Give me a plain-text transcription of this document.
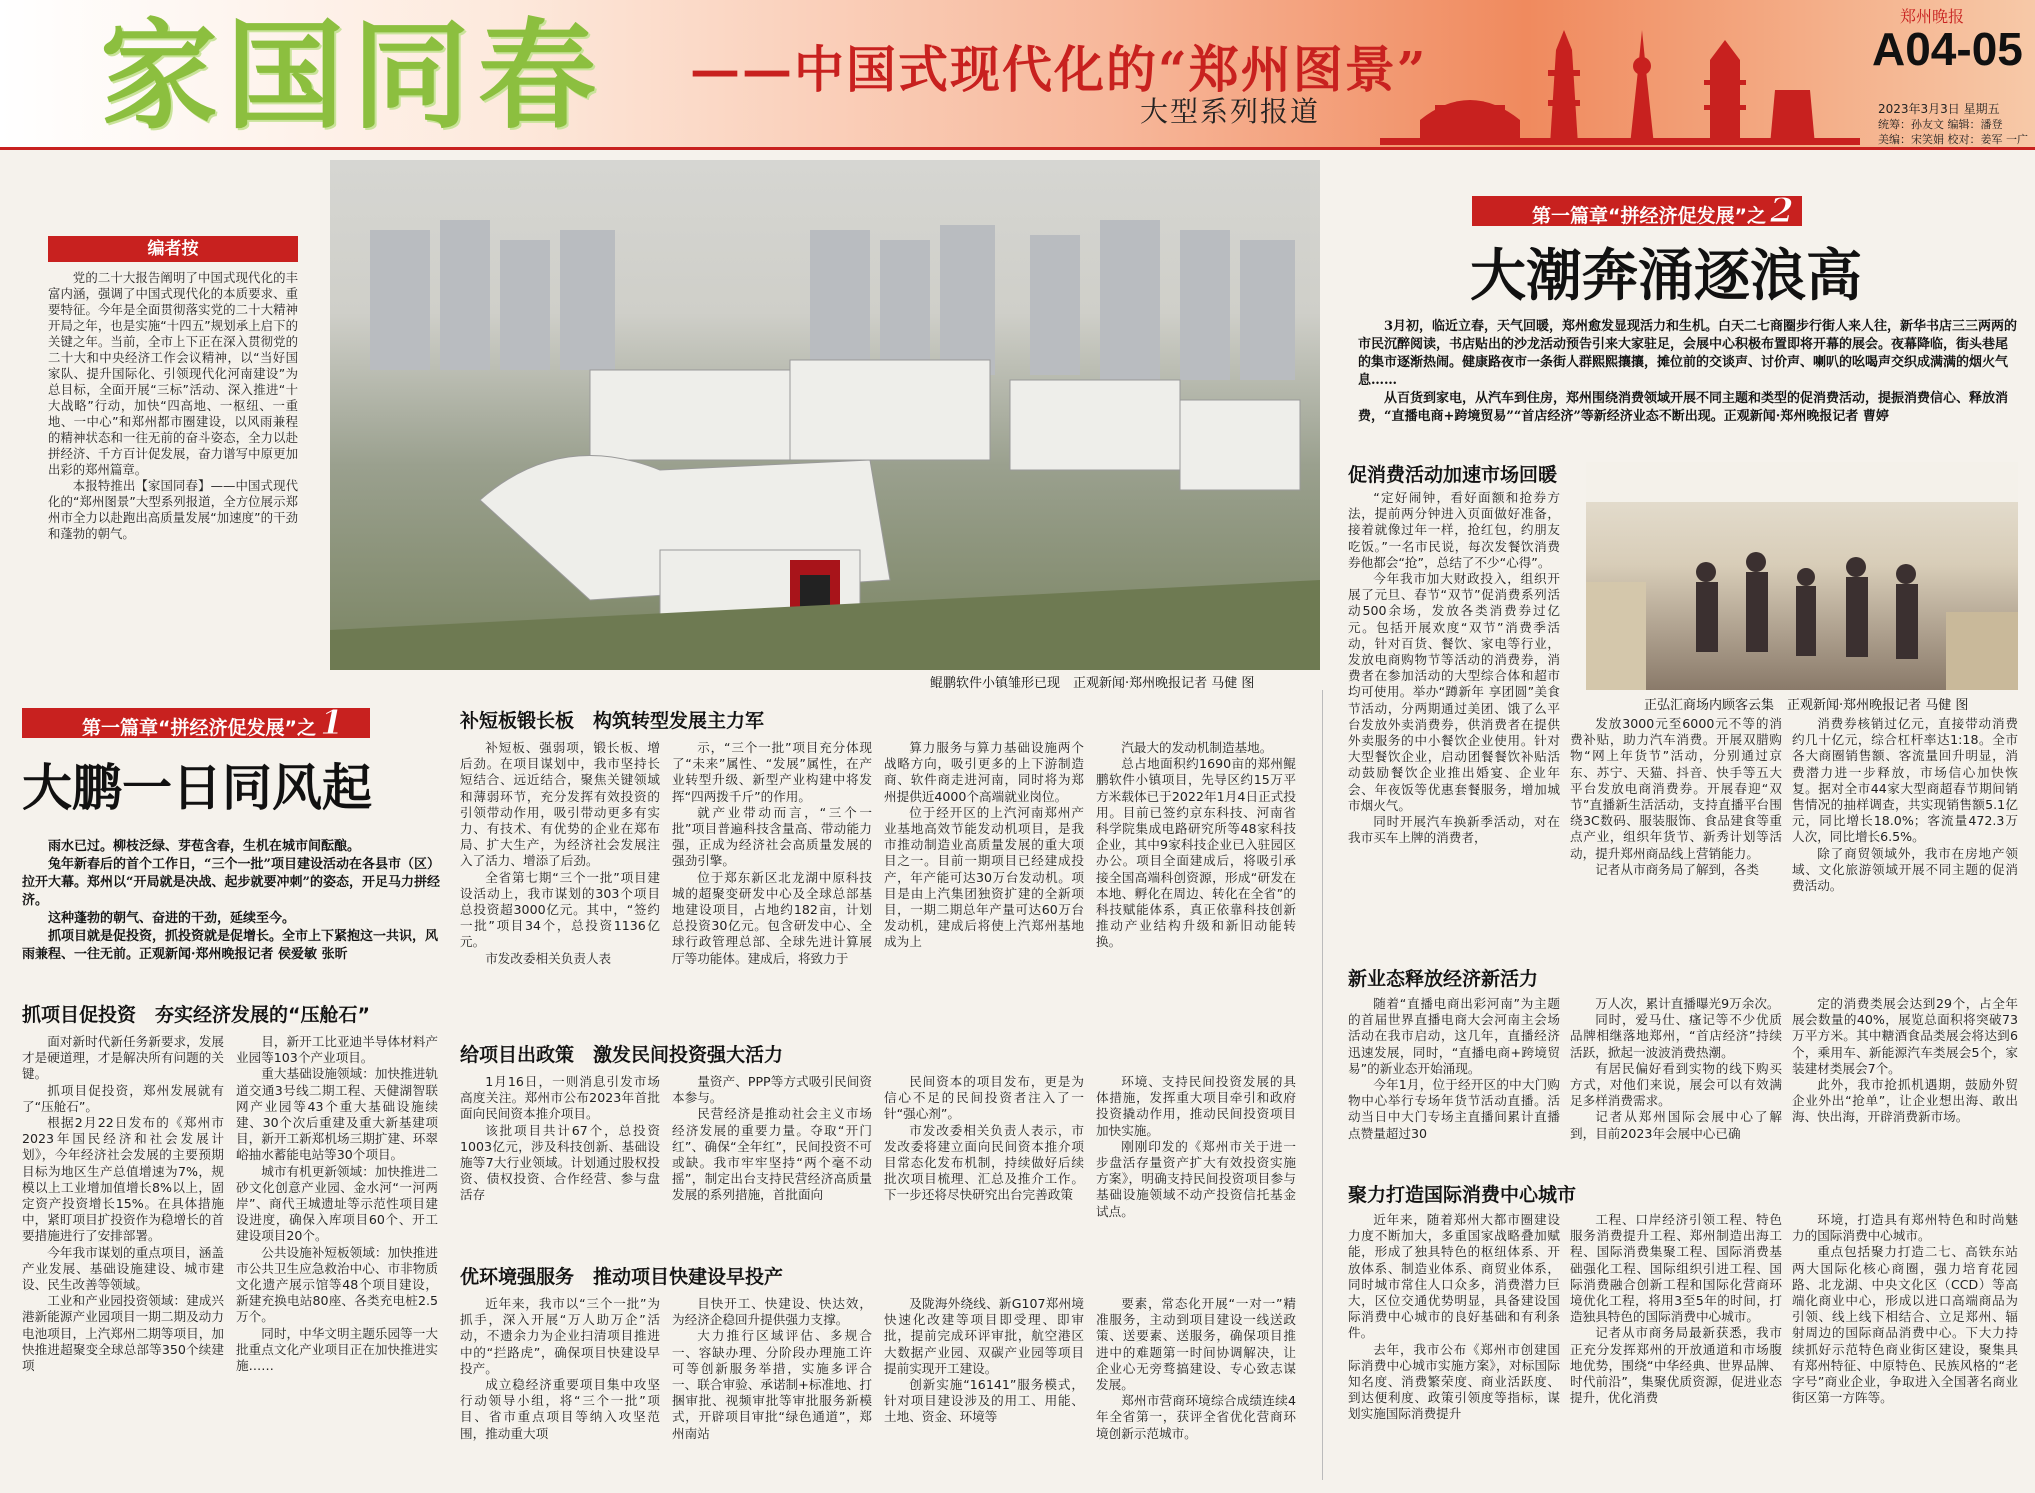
家国同春 ——中国式现代化的“郑州图景”
大型系列报道
郑州晚报
A04-05
2023年3月3日 星期五
统筹：孙友文 编辑：潘登
美编：宋笑娟 校对：姜军 一广
编者按

党的二十大报告阐明了中国式现代化的丰富内涵，强调了中国式现代化的本质要求、重要特征。今年是全面贯彻落实党的二十大精神开局之年，也是实施“十四五”规划承上启下的关键之年。当前，全市上下正在深入贯彻党的二十大和中央经济工作会议精神，以“当好国家队、提升国际化、引领现代化河南建设”为总目标，全面开展“三标”活动、深入推进“十大战略”行动，加快“四高地、一枢纽、一重地、一中心”和郑州都市圈建设，以风雨兼程的精神状态和一往无前的奋斗姿态，全力以赴拼经济、千方百计促发展，奋力谱写中原更加出彩的郑州篇章。

本报特推出【家国同春】——中国式现代化的“郑州图景”大型系列报道，全方位展示郑州市全力以赴跑出高质量发展“加速度”的干劲和蓬勃的朝气。

鲲鹏软件小镇雏形已现　正观新闻·郑州晚报记者 马健 图
第一篇章“拼经济促发展”之 2
大潮奔涌逐浪高

3月初，临近立春，天气回暖，郑州愈发显现活力和生机。白天二七商圈步行街人来人往，新华书店三三两两的市民沉醉阅读，书店贴出的沙龙活动预告引来大家驻足，会展中心积极布置即将开幕的展会。夜幕降临，街头巷尾的集市逐渐热闹。健康路夜市一条街人群熙熙攘攘，摊位前的交谈声、讨价声、喇叭的吆喝声交织成满满的烟火气息……

从百货到家电，从汽车到住房，郑州围绕消费领域开展不同主题和类型的促消费活动，提振消费信心、释放消费，“直播电商+跨境贸易”“首店经济”等新经济业态不断出现。正观新闻·郑州晚报记者 曹婷

促消费活动加速市场回暖

“定好闹钟，看好面额和抢券方法，提前两分钟进入页面做好准备，接着就像过年一样，抢红包，约朋友吃饭。”一名市民说，每次发餐饮消费券他都会“抢”，总结了不少“心得”。

今年我市加大财政投入，组织开展了元旦、春节“双节”促消费系列活动500余场，发放各类消费券过亿元。包括开展欢度“双节”消费季活动，针对百货、餐饮、家电等行业，发放电商购物节等活动的消费券，消费者在参加活动的大型综合体和超市均可使用。举办“蹲新年 享团圆”美食节活动，分两期通过美团、饿了么平台发放外卖消费券，供消费者在提供外卖服务的中小餐饮企业使用。针对大型餐饮企业，启动团餐餐饮补贴活动鼓励餐饮企业推出婚宴、企业年会、年夜饭等优惠套餐服务，增加城市烟火气。

同时开展汽车换新季活动，对在我市买车上牌的消费者，

正弘汇商场内顾客云集　正观新闻·郑州晚报记者 马健 图

发放3000元至6000元不等的消费补贴，助力汽车消费。开展双腊购物“网上年货节”活动，分别通过京东、苏宁、天猫、抖音、快手等五大平台发放电商消费券。开展春迎“双节”直播新生活活动，支持直播平台围绕3C数码、服装服饰、食品建食等重点产业，组织年货节、新秀计划等活动，提升郑州商品线上营销能力。

记者从市商务局了解到，各类

消费券核销过亿元，直接带动消费约几十亿元，综合杠杆率达1:18。全市各大商圈销售额、客流量回升明显，消费潜力进一步释放，市场信心加快恢复。据对全市44家大型商超春节期间销售情况的抽样调查，共实现销售额5.1亿元，同比增长18.0%；客流量472.3万人次，同比增长6.5%。

除了商贸领域外，我市在房地产领域、文化旅游领域开展不同主题的促消费活动。

新业态释放经济新活力

随着“直播电商出彩河南”为主题的首届世界直播电商大会河南主会场活动在我市启动，这几年，直播经济迅速发展，同时，“直播电商+跨境贸易”的新业态开始涌现。

今年1月，位于经开区的中大门购物中心举行专场年货节活动直播。活动当日中大门专场主直播间累计直播点赞量超过30

万人次，累计直播曝光9万余次。

同时，爱马仕、瘙记等不少优质品牌相继落地郑州，“首店经济”持续活跃，掀起一波波消费热潮。

有居民偏好看到实物的线下购买方式，对他们来说，展会可以有效满足多样消费需求。

记者从郑州国际会展中心了解到，目前2023年会展中心已确

定的消费类展会达到29个，占全年展会数量的40%，展览总面积将突破73万平方米。其中糖酒食品类展会将达到6个，乘用车、新能源汽车类展会5个，家装建材类展会7个。

此外，我市抢抓机遇期，鼓励外贸企业外出“抢单”，让企业想出海、敢出海、快出海，开辟消费新市场。

聚力打造国际消费中心城市

近年来，随着郑州大都市圈建设力度不断加大，多重国家战略叠加赋能，形成了独具特色的枢纽体系、开放体系、制造业体系、商贸业体系，同时城市常住人口众多，消费潜力巨大，区位交通优势明显，具备建设国际消费中心城市的良好基础和有利条件。

去年，我市公布《郑州市创建国际消费中心城市实施方案》，对标国际知名度、消费繁荣度、商业活跃度、到达便利度、政策引领度等指标，谋划实施国际消费提升

工程、口岸经济引领工程、特色服务消费提升工程、郑州制造出海工程、国际消费集聚工程、国际消费基础强化工程、国际组织引进工程、国际消费融合创新工程和国际化营商环境优化工程，将用3至5年的时间，打造独具特色的国际消费中心城市。

记者从市商务局最新获悉，我市正充分发挥郑州的开放通道和市场腹地优势，围绕“中华经典、世界品牌、时代前沿”，集聚优质资源，促进业态提升，优化消费

环境，打造具有郑州特色和时尚魅力的国际消费中心城市。

重点包括聚力打造二七、高铁东站两大国际化核心商圈，强力培育花园路、北龙湖、中央文化区（CCD）等高端化商业中心，形成以进口高端商品为引领、线上线下相结合、立足郑州、辐射周边的国际商品消费中心。下大力持续抓好示范特色商业街区建设，聚集具有郑州特征、中原特色、民族风格的“老字号”商业企业，争取进入全国著名商业街区第一方阵等。

第一篇章“拼经济促发展”之 1
大鹏一日同风起

雨水已过。柳枝泛绿、芽苞含春，生机在城市间酝酿。

兔年新春后的首个工作日，“三个一批”项目建设活动在各县市（区）拉开大幕。郑州以“开局就是决战、起步就要冲刺”的姿态，开足马力拼经济。

这种蓬勃的朝气、奋进的干劲，延续至今。

抓项目就是促投资，抓投资就是促增长。全市上下紧抱这一共识，风雨兼程、一往无前。正观新闻·郑州晚报记者 侯爱敏 张昕

抓项目促投资　夯实经济发展的“压舱石”

面对新时代新任务新要求，发展才是硬道理，才是解决所有问题的关键。

抓项目促投资，郑州发展就有了“压舱石”。

根据2月22日发布的《郑州市2023年国民经济和社会发展计划》，今年经济社会发展的主要预期目标为地区生产总值增速为7%，规模以上工业增加值增长8%以上，固定资产投资增长15%。在具体措施中，紧盯项目扩投资作为稳增长的首要措施进行了安排部署。

今年我市谋划的重点项目，涵盖产业发展、基础设施建设、城市建设、民生改善等领域。

工业和产业园投资领域：建成兴港新能源产业园项目一期二期及动力电池项目，上汽郑州二期等项目，加快推进超聚变全球总部等350个续建项

目，新开工比亚迪半导体材料产业园等103个产业项目。

重大基础设施领域：加快推进轨道交通3号线二期工程、天健湖智联网产业园等43个重大基础设施续建、30个次后重建及重大新基建项目，新开工新郑机场三期扩建、环翠峪抽水蓄能电站等30个项目。

城市有机更新领域：加快推进二砂文化创意产业园、金水河“一河两岸”、商代王城遗址等示范性项目建设进度，确保入库项目60个、开工建设项目20个。

公共设施补短板领域：加快推进市公共卫生应急救治中心、市非物质文化遗产展示馆等48个项目建设，新建充换电站80座、各类充电桩2.5万个。

同时，中华文明主题乐园等一大批重点文化产业项目正在加快推进实施……

补短板锻长板　构筑转型发展主力军

补短板、强弱项，锻长板、增后劲。在项目谋划中，我市坚持长短结合、远近结合，聚焦关键领域和薄弱环节，充分发挥有效投资的引领带动作用，吸引带动更多有实力、有技术、有优势的企业在郑布局、扩大生产，为经济社会发展注入了活力、增添了后劲。

全省第七期“三个一批”项目建设活动上，我市谋划的303个项目总投资超3000亿元。其中，“签约一批”项目34个，总投资1136亿元。

市发改委相关负责人表

示，“三个一批”项目充分体现了“未来”属性、“发展”属性，在产业转型升级、新型产业构建中将发挥“四两拨千斤”的作用。

就产业带动而言，“三个一批”项目普遍科技含量高、带动能力强，正成为经济社会高质量发展的强劲引擎。

位于郑东新区北龙湖中原科技城的超聚变研发中心及全球总部基地建设项目，占地约182亩，计划总投资30亿元。包含研发中心、全球行政管理总部、全球先进计算展厅等功能体。建成后，将致力于

算力服务与算力基础设施两个战略方向，吸引更多的上下游制造商、软件商走进河南，同时将为郑州提供近4000个高端就业岗位。

位于经开区的上汽河南郑州产业基地高效节能发动机项目，是我市推动制造业高质量发展的重大项目之一。目前一期项目已经建成投产，年产能可达30万台发动机。项目是由上汽集团独资扩建的全新项目，一期二期总年产量可达60万台发动机，建成后将使上汽郑州基地成为上

汽最大的发动机制造基地。

总占地面积约1690亩的郑州鲲鹏软件小镇项目，先导区约15万平方米载体已于2022年1月4日正式投用。目前已签约京东科技、河南省科学院集成电路研究所等48家科技企业，其中9家科技企业已入驻园区办公。项目全面建成后，将吸引承接全国高端科创资源，形成“研发在本地、孵化在周边、转化在全省”的科技赋能体系，真正依靠科技创新推动产业结构升级和新旧动能转换。

给项目出政策　激发民间投资强大活力

1月16日，一则消息引发市场高度关注。郑州市公布2023年首批面向民间资本推介项目。

该批项目共计67个，总投资1003亿元，涉及科技创新、基础设施等7大行业领域。计划通过股权投资、债权投资、合作经营、参与盘活存

量资产、PPP等方式吸引民间资本参与。

民营经济是推动社会主义市场经济发展的重要力量。夺取“开门红”、确保“全年红”，民间投资不可或缺。我市牢牢坚持“两个毫不动摇”，制定出台支持民营经济高质量发展的系列措施，首批面向

民间资本的项目发布，更是为信心不足的民间投资者注入了一针“强心剂”。

市发改委相关负责人表示，市发改委将建立面向民间资本推介项目常态化发布机制，持续做好后续批次项目梳理、汇总及推介工作。下一步还将尽快研究出台完善政策

环境、支持民间投资发展的具体措施，发挥重大项目牵引和政府投资撬动作用，推动民间投资项目加快实施。

刚刚印发的《郑州市关于进一步盘活存量资产扩大有效投资实施方案》，明确支持民间投资项目参与基础设施领域不动产投资信托基金试点。

优环境强服务　推动项目快建设早投产

近年来，我市以“三个一批”为抓手，深入开展“万人助万企”活动，不遗余力为企业扫清项目推进中的“拦路虎”，确保项目快建设早投产。

成立稳经济重要项目集中攻坚行动领导小组，将“三个一批”项目、省市重点项目等纳入攻坚范围，推动重大项

目快开工、快建设、快达效，为经济企稳回升提供强力支撑。

大力推行区域评估、多规合一、容缺办理、分阶段办理施工许可等创新服务举措，实施多评合一、联合审验、承诺制+标准地、打捆审批、视频审批等审批服务新模式，开辟项目审批“绿色通道”，郑州南站

及陇海外绕线、新G107郑州境快速化改建等项目即受理、即审批，提前完成环评审批，航空港区大数据产业园、双碳产业园等项目提前实现开工建设。

创新实施“16141”服务模式，针对项目建设涉及的用工、用能、土地、资金、环境等

要素，常态化开展“一对一”精准服务，主动到项目建设一线送政策、送要素、送服务，确保项目推进中的难题第一时间协调解决，让企业心无旁骛搞建设、专心致志谋发展。

郑州市营商环境综合成绩连续4年全省第一，获评全省优化营商环境创新示范城市。
